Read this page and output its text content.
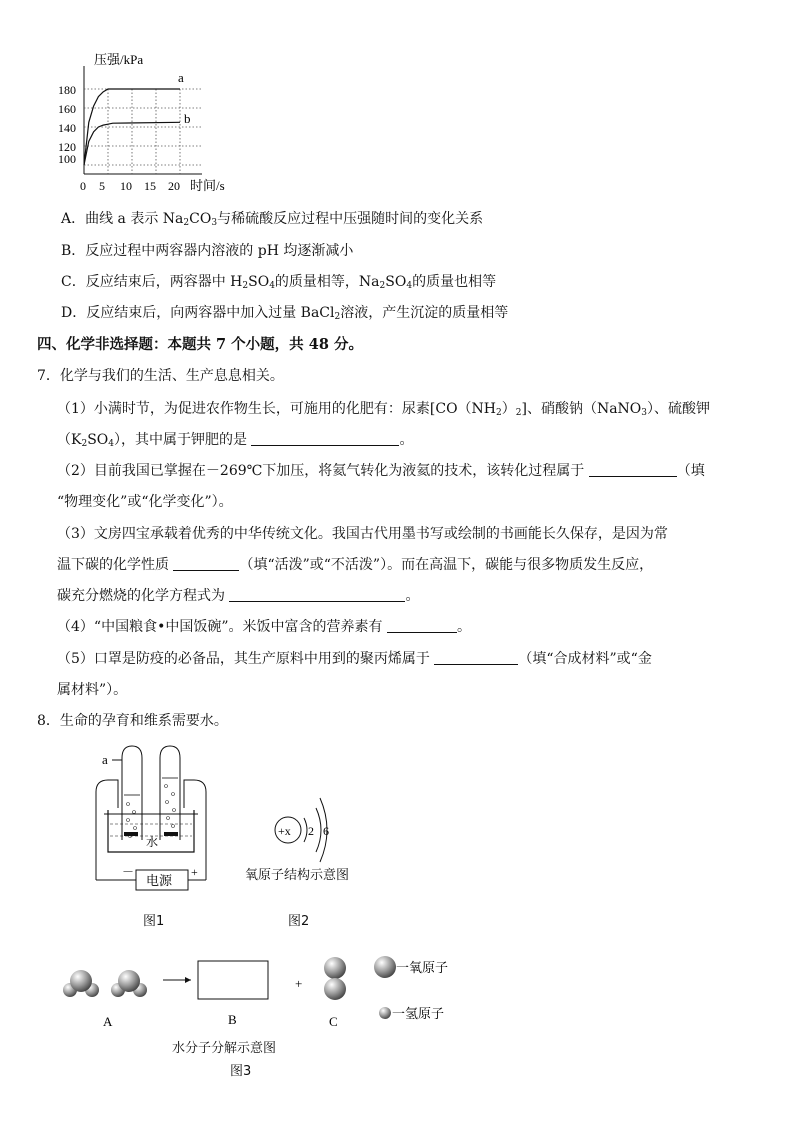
压强/kPa
时间/s
180
160
140
120
100
0 5 10 15 20
a
b
A．曲线 a 表示 $Na_2CO_3$与稀硫酸反应过程中压强随时间的变化关系
B．反应过程中两容器内溶液的 pH 均逐渐减小
C．反应结束后，两容器中 $H_2SO_4$的质量相等，$Na_2SO_4$的质量也相等
D．反应结束后，向两容器中加入过量 BaCl$_2$溶液，产生沉淀的质量相等
四、化学非选择题：本题共 7 个小题，共 48 分。
7．化学与我们的生活、生产息息相关。
（1）小满时节，为促进农作物生长，可施用的化肥有：尿素$[CO(NH_2)_2]$、硝酸钠（NaNO$_3$）、硫酸钾
$(K_2SO_4)$，其中属于钾肥的是	。
（2）目前我国已掌握在－269℃下加压，将氦气转化为液氦的技术，该转化过程属于	（填
“物理变化”或“化学变化”）。
（3）文房四宝承载着优秀的中华传统文化。我国古代用墨书写或绘制的书画能长久保存，是因为常
温下碳的化学性质	（填“活泼”或“不活泼”）。而在高温下，碳能与很多物质发生反应，
碳充分燃烧的化学方程式为	。
（4）“中国粮食•中国饭碗”。米饭中富含的营养素有	。
（5）口罩是防疫的必备品，其生产原料中用到的聚丙烯属于	（填“合成材料”或“金
属材料”）。
8．生命的孕育和维系需要水。
a
水
电源
－	+
图1
+x 2 6
氧原子结构示意图
图2
A	B
+
C
一氧原子
一氢原子
水分子分解示意图
图3
